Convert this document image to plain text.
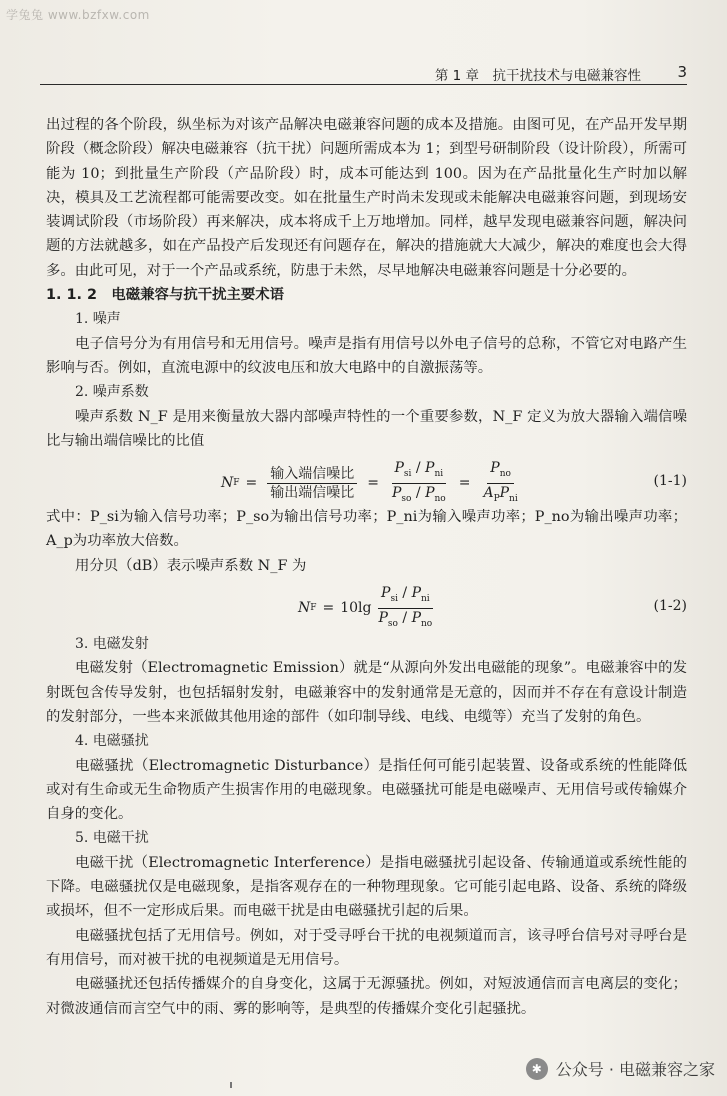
学兔兔 www.bzfxw.com
第 1 章　抗干扰技术与电磁兼容性 3

出过程的各个阶段，纵坐标为对该产品解决电磁兼容问题的成本及措施。由图可见，在产品开发早期阶段（概念阶段）解决电磁兼容（抗干扰）问题所需成本为 1；到型号研制阶段（设计阶段），所需可能为 10；到批量生产阶段（产品阶段）时，成本可能达到 100。因为在产品批量化生产时加以解决，模具及工艺流程都可能需要改变。如在批量生产时尚未发现或未能解决电磁兼容问题，到现场安装调试阶段（市场阶段）再来解决，成本将成千上万地增加。同样，越早发现电磁兼容问题，解决问题的方法就越多，如在产品投产后发现还有问题存在，解决的措施就大大减少，解决的难度也会大得多。由此可见，对于一个产品或系统，防患于未然，尽早地解决电磁兼容问题是十分必要的。

1. 1. 2　电磁兼容与抗干扰主要术语

1. 噪声

电子信号分为有用信号和无用信号。噪声是指有用信号以外电子信号的总称，不管它对电路产生影响与否。例如，直流电源中的纹波电压和放大电路中的自激振荡等。

2. 噪声系数

噪声系数 N_F 是用来衡量放大器内部噪声特性的一个重要参数，N_F 定义为放大器输入端信噪比与输出端信噪比的比值

N $F = \frac{\text{输入端信噪比}}{\text{输出端信噪比}} = \frac{P_{si} / P_{ni}}{P_{so} / P_{no}} = \frac{P_{no}}{A_PP_{ni}}$	(1-1)

式中：P_si为输入信号功率；P_so为输出信号功率；P_ni为输入噪声功率；P_no为输出噪声功率；A_p为功率放大倍数。

用分贝（dB）表示噪声系数 N_F 为

N $F = 10\lg \frac{P_{si} / P_{ni}}{P_{so} / P_{no}}$	(1-2)

3. 电磁发射

电磁发射（Electromagnetic Emission）就是“从源向外发出电磁能的现象”。电磁兼容中的发射既包含传导发射，也包括辐射发射，电磁兼容中的发射通常是无意的，因而并不存在有意设计制造的发射部分，一些本来派做其他用途的部件（如印制导线、电线、电缆等）充当了发射的角色。

4. 电磁骚扰

电磁骚扰（Electromagnetic Disturbance）是指任何可能引起装置、设备或系统的性能降低或对有生命或无生命物质产生损害作用的电磁现象。电磁骚扰可能是电磁噪声、无用信号或传输媒介自身的变化。

5. 电磁干扰

电磁干扰（Electromagnetic Interference）是指电磁骚扰引起设备、传输通道或系统性能的下降。电磁骚扰仅是电磁现象，是指客观存在的一种物理现象。它可能引起电路、设备、系统的降级或损坏，但不一定形成后果。而电磁干扰是由电磁骚扰引起的后果。

电磁骚扰包括了无用信号。例如，对于受寻呼台干扰的电视频道而言，该寻呼台信号对寻呼台是有用信号，而对被干扰的电视频道是无用信号。

电磁骚扰还包括传播媒介的自身变化，这属于无源骚扰。例如，对短波通信而言电离层的变化；对微波通信而言空气中的雨、雾的影响等，是典型的传播媒介变化引起骚扰。

✱ 公众号 · 电磁兼容之家
